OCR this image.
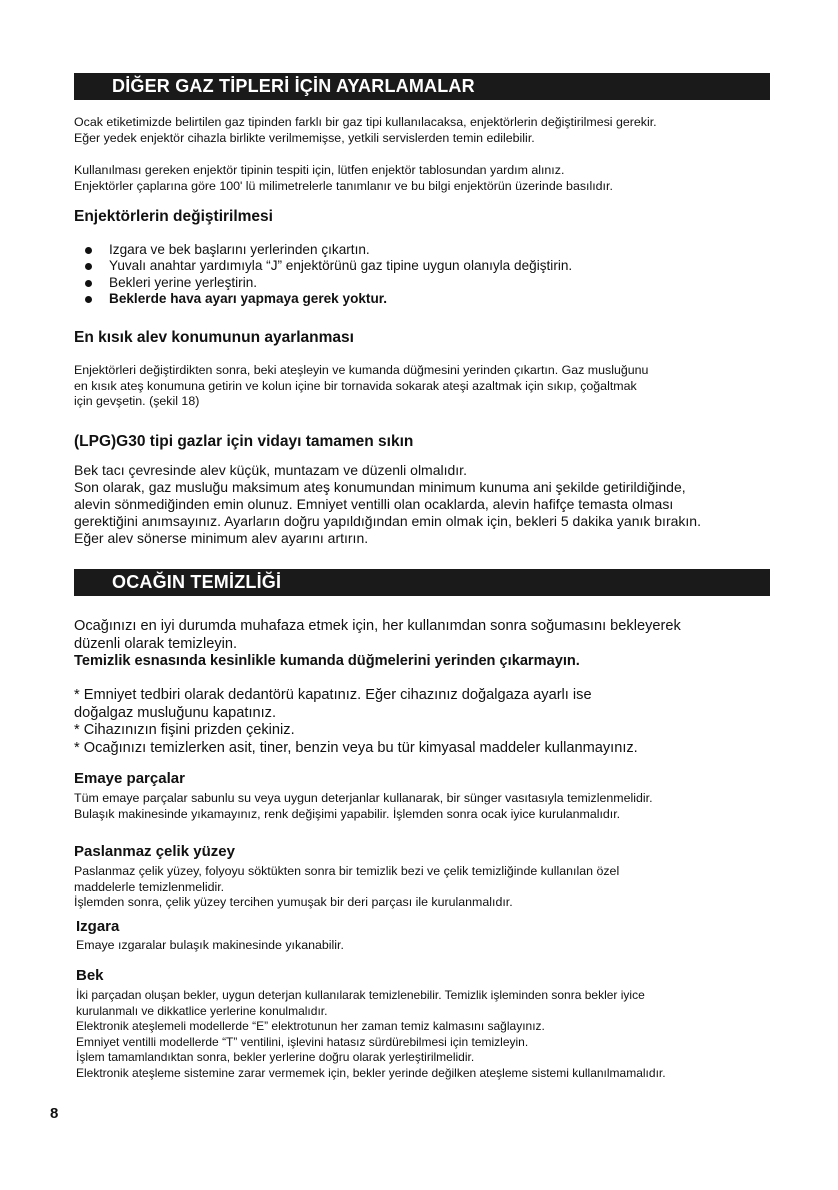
DİĞER GAZ TİPLERİ İÇİN AYARLAMALAR

Ocak etiketimizde belirtilen gaz tipinden farklı bir gaz tipi kullanılacaksa, enjektörlerin değiştirilmesi gerekir.

Eğer yedek enjektör cihazla birlikte verilmemişse, yetkili servislerden temin edilebilir.

Kullanılması gereken enjektör tipinin tespiti için, lütfen enjektör tablosundan yardım alınız.

Enjektörler çaplarına göre 100' lü milimetrelerle tanımlanır ve bu bilgi enjektörün üzerinde basılıdır.

Enjektörlerin değiştirilmesi
Izgara ve bek başlarını yerlerinden çıkartın.
Yuvalı anahtar yardımıyla “J” enjektörünü gaz tipine uygun olanıyla değiştirin.
Bekleri yerine yerleştirin.
Beklerde hava ayarı yapmaya gerek yoktur.
En kısık alev konumunun ayarlanması

Enjektörleri değiştirdikten sonra, beki ateşleyin ve kumanda düğmesini yerinden çıkartın. Gaz musluğunu

en kısık ateş konumuna getirin ve kolun içine bir tornavida sokarak ateşi azaltmak için sıkıp, çoğaltmak

için gevşetin. (şekil 18)

(LPG)G30 tipi gazlar için vidayı tamamen sıkın

Bek tacı çevresinde alev küçük, muntazam ve düzenli olmalıdır.

Son olarak, gaz musluğu maksimum ateş konumundan minimum kunuma ani şekilde getirildiğinde,

alevin sönmediğinden emin olunuz. Emniyet ventilli olan ocaklarda, alevin hafifçe temasta olması

gerektiğini anımsayınız. Ayarların doğru yapıldığından emin olmak için, bekleri 5 dakika yanık bırakın.

Eğer alev sönerse minimum alev ayarını artırın.

OCAĞIN TEMİZLİĞİ

Ocağınızı en iyi durumda muhafaza etmek için, her kullanımdan sonra soğumasını bekleyerek

düzenli olarak temizleyin.

Temizlik esnasında kesinlikle kumanda düğmelerini yerinden çıkarmayın.

* Emniyet tedbiri olarak dedantörü kapatınız. Eğer cihazınız doğalgaza ayarlı ise

doğalgaz musluğunu kapatınız.

* Cihazınızın fişini prizden çekiniz.

* Ocağınızı temizlerken asit, tiner, benzin veya bu tür kimyasal maddeler kullanmayınız.

Emaye parçalar

Tüm emaye parçalar sabunlu su veya uygun deterjanlar kullanarak, bir sünger vasıtasıyla temizlenmelidir.

Bulaşık makinesinde yıkamayınız, renk değişimi yapabilir. İşlemden sonra ocak iyice kurulanmalıdır.

Paslanmaz çelik yüzey

Paslanmaz çelik yüzey, folyoyu söktükten sonra bir temizlik bezi ve çelik temizliğinde kullanılan özel

maddelerle temizlenmelidir.

İşlemden sonra, çelik yüzey tercihen yumuşak bir deri parçası ile kurulanmalıdır.

Izgara

Emaye ızgaralar bulaşık makinesinde yıkanabilir.

Bek

İki parçadan oluşan bekler, uygun deterjan kullanılarak temizlenebilir. Temizlik işleminden sonra bekler iyice

kurulanmalı ve dikkatlice yerlerine konulmalıdır.

Elektronik ateşlemeli modellerde “E” elektrotunun her zaman temiz kalmasını sağlayınız.

Emniyet ventilli modellerde “T” ventilini, işlevini hatasız sürdürebilmesi için temizleyin.

İşlem tamamlandıktan sonra, bekler yerlerine doğru olarak yerleştirilmelidir.

Elektronik ateşleme sistemine zarar vermemek için, bekler yerinde değilken ateşleme sistemi kullanılmamalıdır.

8
